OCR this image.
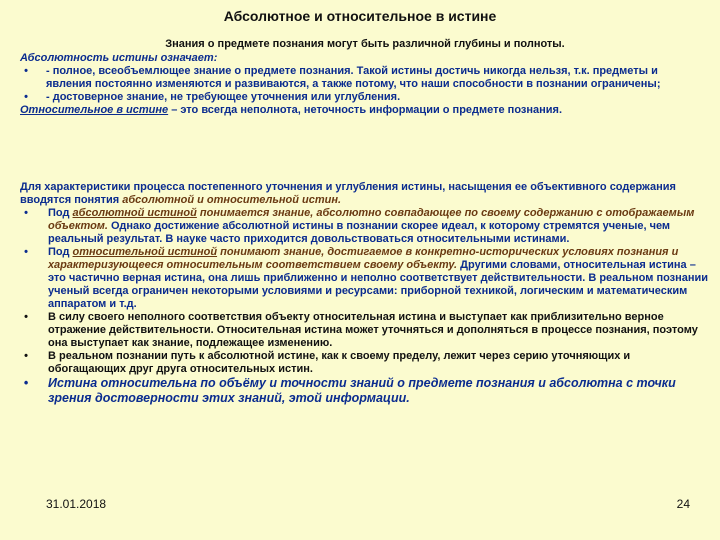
Абсолютное и относительное в истине
Знания о предмете познания могут быть различной глубины и полноты.

Абсолютность истины означает:

•	- полное, всеобъемлющее знание о предмете познания. Такой истины достичь никогда нельзя, т.к. предметы и явления постоянно изменяются и развиваются, а также потому, что наши способности в познании ограничены;

•	- достоверное знание, не требующее уточнения или углубления.

Относительное в истине – это всегда неполнота, неточность информации о предмете познания.

Для характеристики процесса постепенного уточнения и углубления истины, насыщения ее объективного содержания вводятся понятия абсолютной и относительной истин.

•	Под абсолютной истиной понимается знание, абсолютно совпадающее по своему содержанию с отображаемым объектом. Однако достижение абсолютной истины в познании скорее идеал, к которому стремятся ученые, чем реальный результат. В науке часто приходится довольствоваться относительными истинами.

•	Под относительной истиной понимают знание, достигаемое в конкретно-исторических условиях познания и характеризующееся относительным соответствием своему объекту. Другими словами, относительная истина – это частично верная истина, она лишь приближенно и неполно соответствует действительности. В реальном познании ученый всегда ограничен некоторыми условиями и ресурсами: приборной техникой, логическим и математическим аппаратом и т.д.

•	В силу своего неполного соответствия объекту относительная истина и выступает как приблизительно верное отражение действительности. Относительная истина может уточняться и дополняться в процессе познания, поэтому она выступает как знание, подлежащее изменению.

•	В реальном познании путь к абсолютной истине, как к своему пределу, лежит через серию уточняющих и обогащающих друг друга относительных истин.

•	Истина относительна по объёму и точности знаний о предмете познания и абсолютна с точки зрения достоверности этих знаний, этой информации.

31.01.2018	24
